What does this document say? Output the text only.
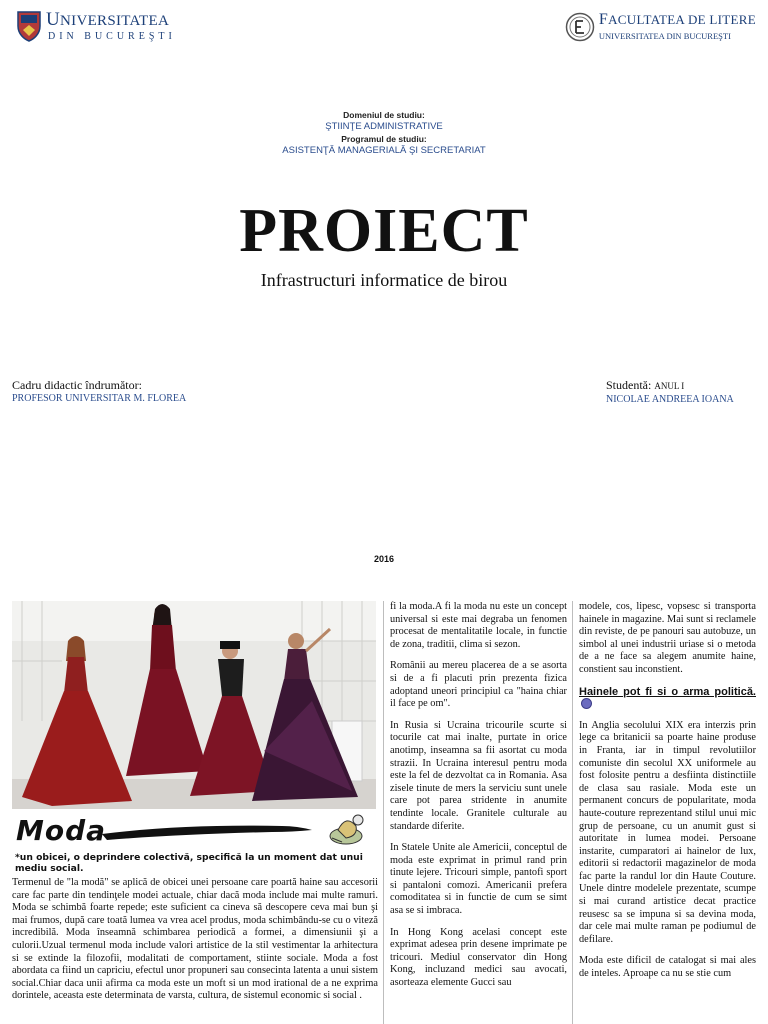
UNIVERSITATEA
DIN BUCUREŞTI
FACULTATEA DE LITERE
UNIVERSITATEA DIN BUCUREŞTI
Domeniul de studiu:
ŞTIINŢE ADMINISTRATIVE
Programul de studiu:
ASISTENŢĂ MANAGERIALĂ ŞI SECRETARIAT
PROIECT
Infrastructuri informatice de birou
Cadru didactic îndrumător:
PROFESOR UNIVERSITAR M. FLOREA
Studentă: ANUL I
NICOLAE ANDREEA IOANA
2016
Moda
*un obicei, o deprindere colectivă, specifică la un moment dat unui mediu social.
Termenul de "la modă" se aplică de obicei unei persoane care poartă haine sau accesorii care fac parte din tendinţele modei actuale, chiar dacă moda include mai multe ramuri. Moda se schimbă foarte repede; este suficient ca cineva să descopere ceva mai bun şi mai frumos, după care toată lumea va vrea acel produs, moda schimbându-se cu o viteză incredibilă. Moda înseamnă schimbarea periodică a formei, a dimensiunii şi a culorii.Uzual termenul moda include valori artistice de la stil vestimentar la arhitectura si se extinde la filozofii, modalitati de comportament, stiinte sociale. Moda a fost abordata ca fiind un capriciu, efectul unor propuneri sau consecinta latenta a unui sistem social.Chiar daca unii afirma ca moda este un moft si un mod irational de a ne exprima dorintele, aceasta este determinata de varsta, cultura, de sistemul economic si social .

fi la moda.A fi la moda nu este un concept universal si este mai degraba un fenomen procesat de mentalitatile locale, in functie de zona, traditii, clima si sezon.

Românii au mereu placerea de a se asorta si de a fi placuti prin prezenta fizica adoptand uneori principiul ca "haina chiar il face pe om".

In Rusia si Ucraina tricourile scurte si tocurile cat mai inalte, purtate in orice anotimp, inseamna sa fii asortat cu moda strazii. In Ucraina interesul pentru moda este la fel de dezvoltat ca in Romania. Asa zisele tinute de mers la serviciu sunt unele care pot parea stridente in anumite tendinte locale. Granitele culturale au standarde diferite.

In Statele Unite ale Americii, conceptul de moda este exprimat in primul rand prin tinute lejere. Tricouri simple, pantofi sport si pantaloni comozi. Americanii prefera comoditatea si in functie de cum se simt asa se si imbraca.

In Hong Kong acelasi concept este exprimat adesea prin desene imprimate pe tricouri. Mediul conservator din Hong Kong, incluzand medici sau avocati, asorteaza elemente Gucci sau

modele, cos, lipesc, vopsesc si transporta hainele in magazine. Mai sunt si reclamele din reviste, de pe panouri sau autobuze, un simbol al unei industrii uriase si o metoda de a ne face sa alegem anumite haine, constient sau inconstient.

Hainele pot fi si o arma politică.

In Anglia secolului XIX era interzis prin lege ca britanicii sa poarte haine produse in Franta, iar in timpul revolutiilor comuniste din secolul XX uniformele au fost folosite pentru a desfiinta distinctiile de clasa sau rasiale. Moda este un permanent concurs de popularitate, moda haute-couture reprezentand stilul unui mic grup de persoane, cu un anumit gust si autoritate in lumea modei. Persoane instarite, cumparatori ai hainelor de lux, editorii si redactorii magazinelor de moda fac parte la randul lor din Haute Couture. Unele dintre modelele prezentate, scumpe si mai curand artistice decat practice reusesc sa se impuna si sa devina moda, dar cele mai multe raman pe podiumul de defilare.

Moda este dificil de catalogat si mai ales de inteles. Aproape ca nu se stie cum
